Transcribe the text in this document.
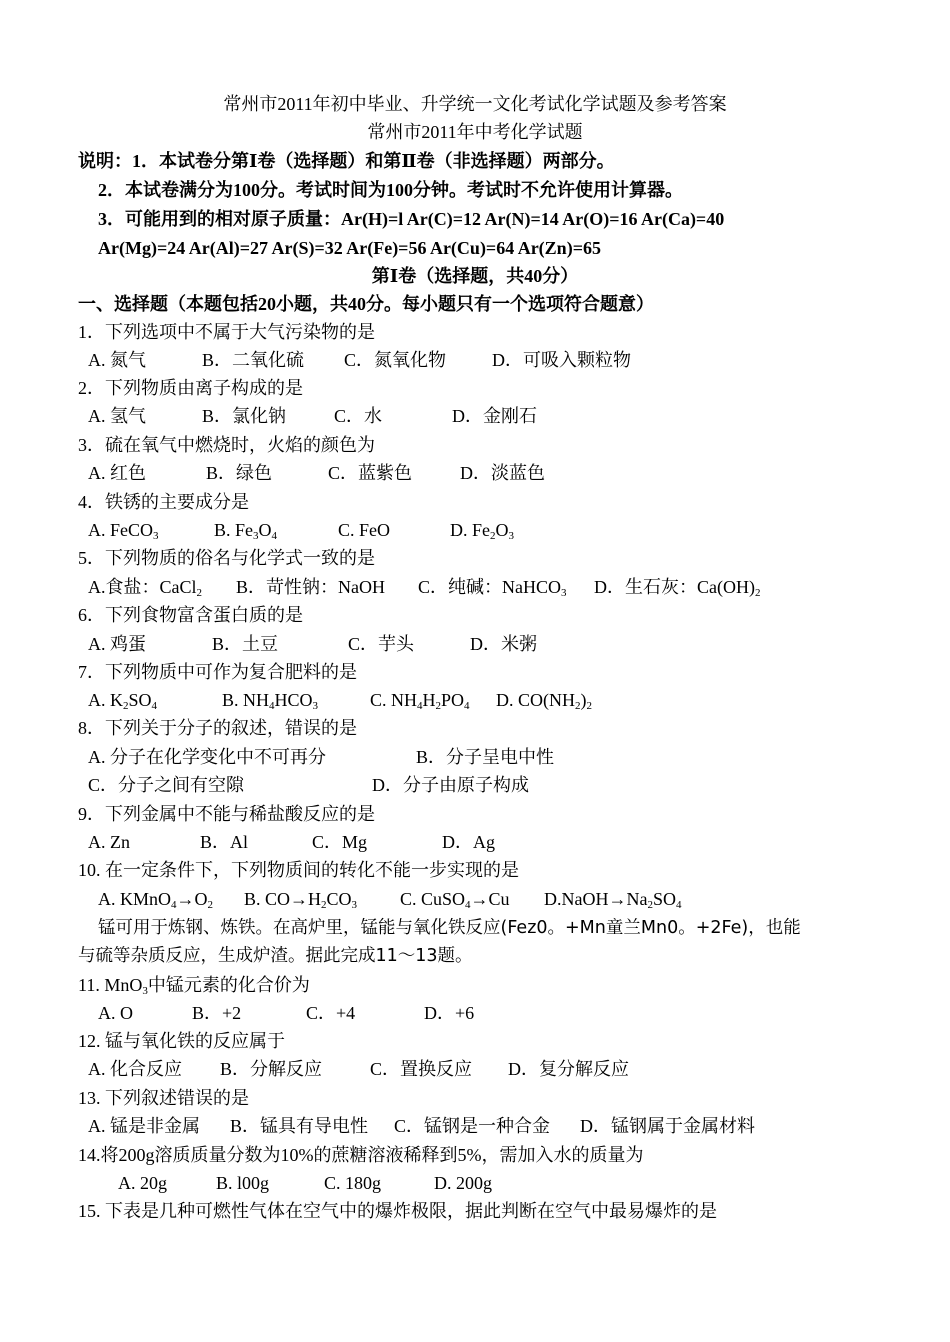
常州市2011年初中毕业、升学统一文化考试化学试题及参考答案
常州市2011年中考化学试题
说明：1．本试卷分第Ⅰ卷（选择题）和第Ⅱ卷（非选择题）两部分。
2．本试卷满分为100分。考试时间为100分钟。考试时不允许使用计算器。
3．可能用到的相对原子质量：Ar(H)=l Ar(C)=12 Ar(N)=14 Ar(O)=16 Ar(Ca)=40
Ar(Mg)=24 Ar(Al)=27 Ar(S)=32 Ar(Fe)=56 Ar(Cu)=64 Ar(Zn)=65
第Ⅰ卷（选择题，共40分）
一、选择题（本题包括20小题，共40分。每小题只有一个选项符合题意）
1．下列选项中不属于大气污染物的是
A. 氮气	B．二氧化硫 C．氮氧化物	D．可吸入颗粒物
2．下列物质由离子构成的是
A. 氢气	B．氯化钠	C．水	D．金刚石
3．硫在氧气中燃烧时，火焰的颜色为
A. 红色	B．绿色	C．蓝紫色	D．淡蓝色
4．铁锈的主要成分是
A. FeCO$_3$	B. $Fe_3O_4$	C. FeO	D. $Fe_2O_3$
5．下列物质的俗名与化学式一致的是
A.食盐：CaCl$_2$ B．苛性钠：NaOH C．纯碱：NaHCO$_3$ D．生石灰：$Ca(OH)_2$
6．下列食物富含蛋白质的是
A. 鸡蛋	B．土豆	C．芋头	D．米粥
7．下列物质中可作为复合肥料的是
A. $K_2SO_4$	B. $NH_4HCO_3$	C. $NH_4H_2PO_4$ D. $CO(NH_2)_2$
8．下列关于分子的叙述，错误的是
A. 分子在化学变化中不可再分	B．分子呈电中性
C．分子之间有空隙	D．分子由原子构成
9．下列金属中不能与稀盐酸反应的是
A. Zn	B．Al	C．Mg	D．Ag
10. 在一定条件下，下列物质间的转化不能一步实现的是
A. $KMnO_4\to O_2$ B. $CO\to H_2CO_3$ C. CuSO$_4$→Cu $D.NaOH\to Na_2SO_4$
锰可用于炼钢、炼铁。在高炉里，锰能与氧化铁反应(Fez0。+Mn童兰Mn0。+2Fe)，也能
与硫等杂质反应，生成炉渣。据此完成11～13题。
11. MnO$_3$中锰元素的化合价为
A. O	B．+2	C．+4	D．+6
12. 锰与氧化铁的反应属于
A. 化合反应 B．分解反应	C．置换反应 D．复分解反应
13. 下列叙述错误的是
A. 锰是非金属 B．锰具有导电性 C．锰钢是一种合金 D．锰钢属于金属材料
14.将200g溶质质量分数为10%的蔗糖溶液稀释到5%，需加入水的质量为
A. 20g	B. l00g	C. 180g	D. 200g
15. 下表是几种可燃性气体在空气中的爆炸极限，据此判断在空气中最易爆炸的是
